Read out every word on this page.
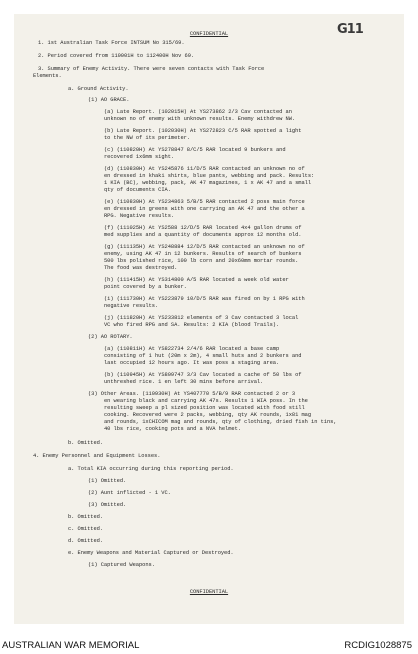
CONFIDENTIAL	G11
1. 1st Australian Task Force INTSUM No 315/69.
2. Period covered from 110001H to 112400H Nov 69.
3. Summary of Enemy Activity. There were seven contacts with Task Force
Elements.
a. Ground Activity.
(1) AO GRACE.
(a) Late Report. (102015H) At YS273862 2/3 Cav contacted an
unknown no of enemy with unknown results. Enemy withdrew NW.
(b) Late Report. (102030H) At YS272823 C/5 RAR spotted a light
to the NW of its perimeter.
(c) (110820H) At YS278847 8/C/5 RAR located 9 bunkers and
recovered 1x6mm sight.
(d) (110830H) At YS245876 11/D/5 RAR contacted an unknown no of
en dressed in khaki shirts, blue pants, webbing and pack. Results:
1 KIA (BC), webbing, pack, AK 47 magazines, 1 x AK 47 and a small
qty of documents CIA.
(e) (110830H) At YS234863 5/B/5 RAR contacted 2 poss main force
en dressed in greens with one carrying an AK 47 and the other a
RPG. Negative results.
(f) (111025H) At YS2588 12/D/5 RAR located 4x4 gallon drums of
med supplies and a quantity of documents approx 12 months old.
(g) (111135H) At YS248884 12/D/5 RAR contacted an unknown no of
enemy, using AK 47 in 12 bunkers. Results of search of bunkers
500 lbs polished rice, 100 lb corn and 20x60mm mortar rounds.
The food was destroyed.
(h) (111415H) At YS314800 A/5 RAR located a week old water
point covered by a bunker.
(i) (111730H) At YS223879 10/D/5 RAR was fired on by 1 RPG with
negative results.
(j) (111820H) At YS233812 elements of 3 Cav contacted 3 local
VC who fired RPG and SA. Results: 2 KIA (blood Trails).
(2) AO ROTARY.
(a) (110811H) At YS822734 2/4/6 RAR located a base camp
consisting of 1 hut (20m x 2m), 4 small huts and 2 bunkers and
last occupied 12 hours ago. It was poss a staging area.
(b) (110945H) At YS809747 3/3 Cav located a cache of 50 lbs of
unthreshed rice. 1 en left 30 mins before arrival.
(3) Other Areas. (110930H) At YS407770 5/B/9 RAR contacted 2 or 3
en wearing black and carrying AK 47s. Results 1 WIA poss. In the
resulting sweep a pl sized position was located with food still
cooking. Recovered were 2 packs, webbing, qty AK rounds, 1x81 mag
and rounds, 1xCHICOM mag and rounds, qty of clothing, dried fish in tins,
40 lbs rice, cooking pots and a NVA helmet.
b. Omitted.
4. Enemy Personnel and Equipment Losses.
a. Total KIA occurring during this reporting period.
(1) Omitted.
(2) Aunt inflicted - 1 VC.
(3) Omitted.
b. Omitted.
c. Omitted.
d. Omitted.
e. Enemy Weapons and Material Captured or Destroyed.
(1) Captured Weapons.
CONFIDENTIAL
AUSTRALIAN WAR MEMORIAL	RCDIG1028875
